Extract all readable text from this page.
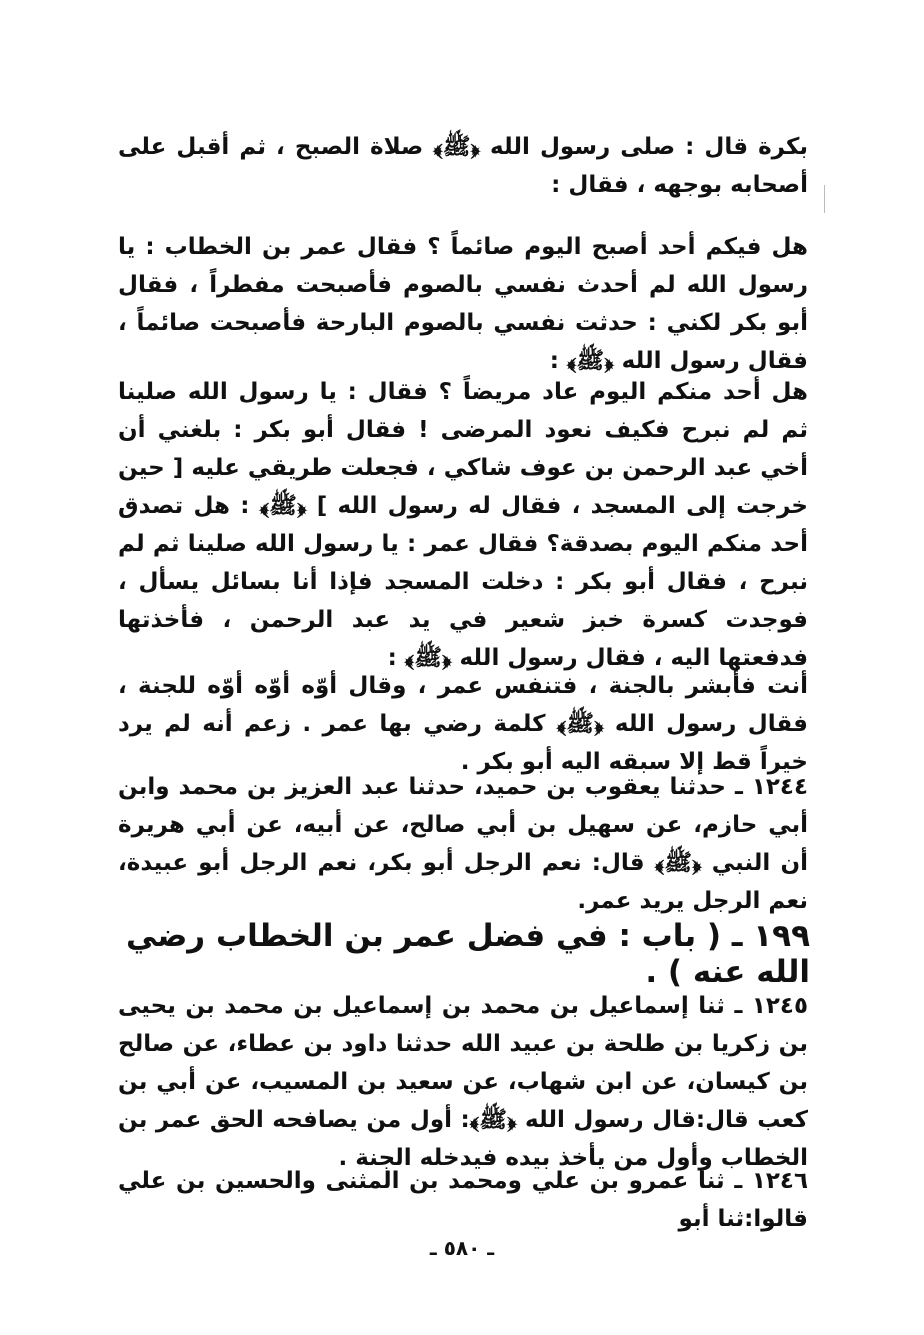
بكرة قال : صلى رسول الله ﴿ﷺ﴾ صلاة الصبح ، ثم أقبل على أصحابه بوجهه ، فقال :

هل فيكم أحد أصبح اليوم صائماً ؟ فقال عمر بن الخطاب : يا رسول الله لم أحدث نفسي بالصوم فأصبحت مفطراً ، فقال أبو بكر لكني : حدثت نفسي بالصوم البارحة فأصبحت صائماً ، فقال رسول الله ﴿ﷺ﴾ :

هل أحد منكم اليوم عاد مريضاً ؟ فقال : يا رسول الله صلينا ثم لم نبرح فكيف نعود المرضى ! فقال أبو بكر : بلغني أن أخي عبد الرحمن بن عوف شاكي ، فجعلت طريقي عليه [ حين خرجت إلى المسجد ، فقال له رسول الله ] ﴿ﷺ﴾ : هل تصدق أحد منكم اليوم بصدقة؟ فقال عمر : يا رسول الله صلينا ثم لم نبرح ، فقال أبو بكر : دخلت المسجد فإذا أنا بسائل يسأل ، فوجدت كسرة خبز شعير في يد عبد الرحمن ، فأخذتها فدفعتها اليه ، فقال رسول الله ﴿ﷺ﴾ :

أنت فأبشر بالجنة ، فتنفس عمر ، وقال أوّه أوّه أوّه للجنة ، فقال رسول الله ﴿ﷺ﴾ كلمة رضي بها عمر . زعم أنه لم يرد خيراً قط إلا سبقه اليه أبو بكر .

١٢٤٤ ـ حدثنا يعقوب بن حميد، حدثنا عبد العزيز بن محمد وابن أبي حازم، عن سهيل بن أبي صالح، عن أبيه، عن أبي هريرة أن النبي ﴿ﷺ﴾ قال: نعم الرجل أبو بكر، نعم الرجل أبو عبيدة، نعم الرجل يريد عمر.

١٩٩ ـ ( باب : في فضل عمر بن الخطاب رضي الله عنه ) .

١٢٤٥ ـ ثنا إسماعيل بن محمد بن إسماعيل بن محمد بن يحيى بن زكريا بن طلحة بن عبيد الله حدثنا داود بن عطاء، عن صالح بن كيسان، عن ابن شهاب، عن سعيد بن المسيب، عن أبي بن كعب قال:قال رسول الله ﴿ﷺ﴾: أول من يصافحه الحق عمر بن الخطاب وأول من يأخذ بيده فيدخله الجنة .

١٢٤٦ ـ ثنا عمرو بن علي ومحمد بن المثنى والحسين بن علي قالوا:ثنا أبو

ـ ٥٨٠ ـ
